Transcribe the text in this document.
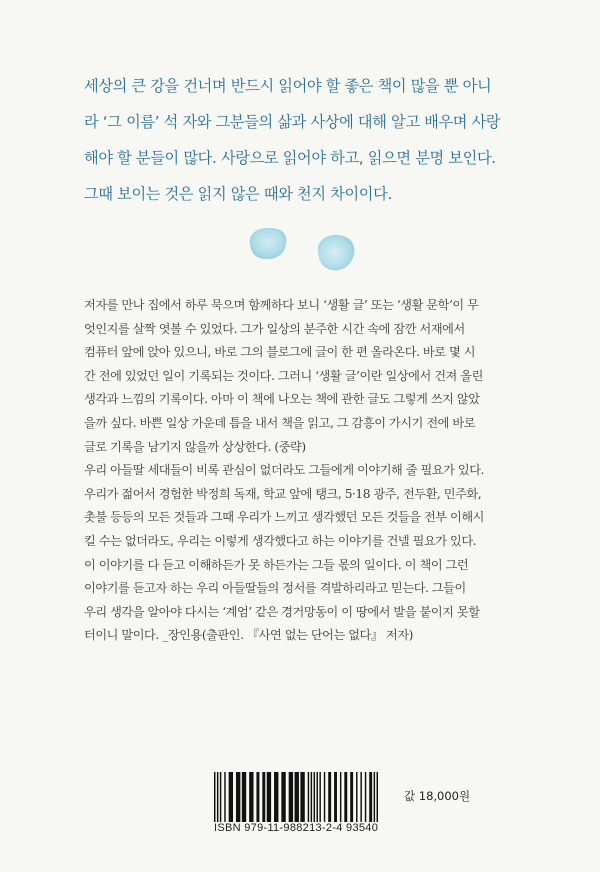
세상의 큰 강을 건너며 반드시 읽어야 할 좋은 책이 많을 뿐 아니
라 ‘그 이름’ 석 자와 그분들의 삶과 사상에 대해 알고 배우며 사랑
해야 할 분들이 많다. 사랑으로 읽어야 하고, 읽으면 분명 보인다.
그때 보이는 것은 읽지 않은 때와 천지 차이이다.
저자를 만나 집에서 하루 묵으며 함께하다 보니 ‘생활 글’ 또는 ‘생활 문학’이 무
엇인지를 살짝 엿볼 수 있었다. 그가 일상의 분주한 시간 속에 잠깐 서재에서
컴퓨터 앞에 앉아 있으니, 바로 그의 블로그에 글이 한 편 올라온다. 바로 몇 시
간 전에 있었던 일이 기록되는 것이다. 그러니 ‘생활 글’이란 일상에서 건져 올린
생각과 느낌의 기록이다. 아마 이 책에 나오는 책에 관한 글도 그렇게 쓰지 않았
을까 싶다. 바쁜 일상 가운데 틈을 내서 책을 읽고, 그 감흥이 가시기 전에 바로
글로 기록을 남기지 않을까 상상한다. (중략)
우리 아들딸 세대들이 비록 관심이 없더라도 그들에게 이야기해 줄 필요가 있다.
우리가 젊어서 경험한 박정희 독재, 학교 앞에 탱크, 5·18 광주, 전두환, 민주화,
촛불 등등의 모든 것들과 그때 우리가 느끼고 생각했던 모든 것들을 전부 이해시
킬 수는 없더라도, 우리는 이렇게 생각했다고 하는 이야기를 건넬 필요가 있다.
이 이야기를 다 듣고 이해하든가 못 하든가는 그들 몫의 일이다. 이 책이 그런
이야기를 듣고자 하는 우리 아들딸들의 정서를 격발하리라고 믿는다. 그들이
우리 생각을 알아야 다시는 ‘계엄’ 같은 경거망동이 이 땅에서 발을 붙이지 못할
터이니 말이다. _장인용(출판인. 『사연 없는 단어는 없다』 저자)
ISBN 979-11-988213-2-4 93540
값 18,000원
